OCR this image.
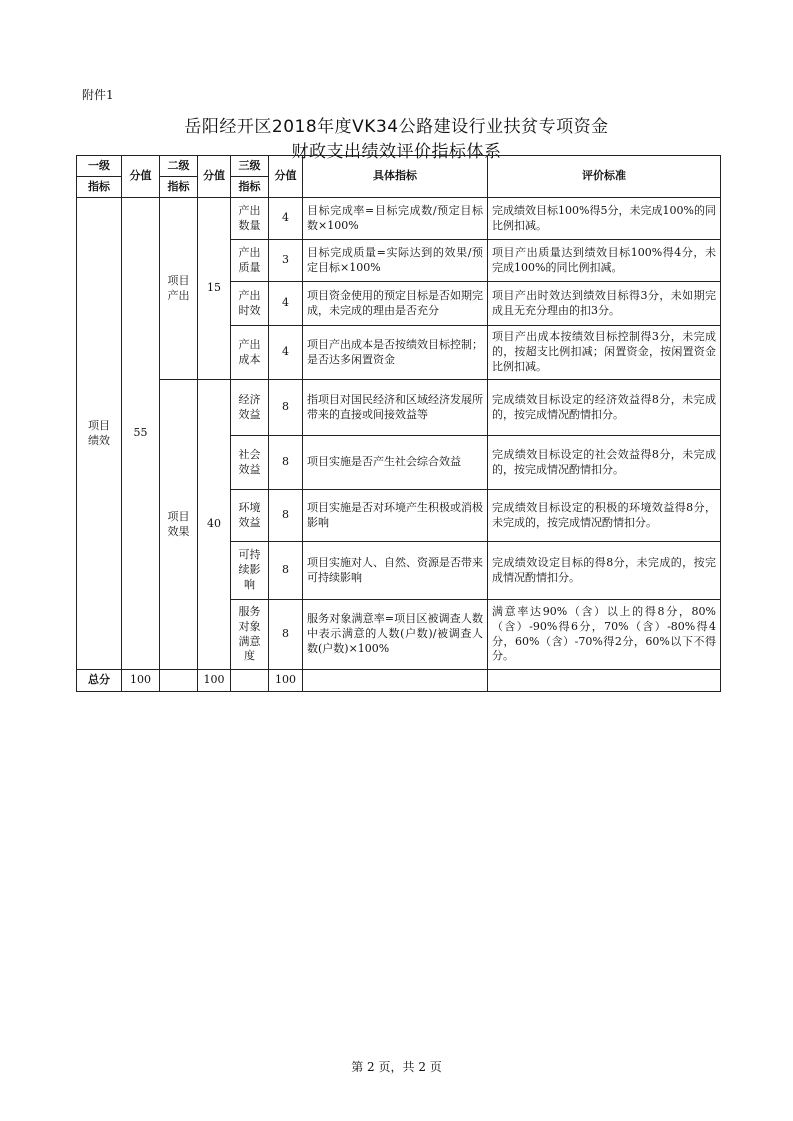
附件1
岳阳经开区2018年度VK34公路建设行业扶贫专项资金
财政支出绩效评价指标体系
一级	分值	二级	分值	三级	分值	具体指标	评价标准
指标		指标		指标			
项目绩效	55	项目产出	15	产出数量	4	目标完成率=目标完成数/预定目标数×100%	完成绩效目标100%得5分，未完成100%的同比例扣减。
				产出质量	3	目标完成质量=实际达到的效果/预定目标×100%	项目产出质量达到绩效目标100%得4分，未完成100%的同比例扣减。
				产出时效	4	项目资金使用的预定目标是否如期完成，未完成的理由是否充分	项目产出时效达到绩效目标得3分，未如期完成且无充分理由的扣3分。
				产出成本	4	项目产出成本是否按绩效目标控制；是否达多闲置资金	项目产出成本按绩效目标控制得3分，未完成的，按超支比例扣减；闲置资金，按闲置资金比例扣减。
		项目效果	40	经济效益	8	指项目对国民经济和区域经济发展所带来的直接或间接效益等	完成绩效目标设定的经济效益得8分，未完成的，按完成情况酌情扣分。
				社会效益	8	项目实施是否产生社会综合效益	完成绩效目标设定的社会效益得8分，未完成的，按完成情况酌情扣分。
				环境效益	8	项目实施是否对环境产生积极或消极影响	完成绩效目标设定的积极的环境效益得8分，未完成的，按完成情况酌情扣分。
				可持续影响	8	项目实施对人、自然、资源是否带来可持续影响	完成绩效设定目标的得8分，未完成的，按完成情况酌情扣分。
				服务对象满意度	8	服务对象满意率=项目区被调查人数中表示满意的人数(户数)/被调查人数(户数)×100%	满意率达90%（含）以上的得8分，80%（含）-90%得6分，70%（含）-80%得4分，60%（含）-70%得2分，60%以下不得分。
总分	100		100		100		
第 2 页，共 2 页
